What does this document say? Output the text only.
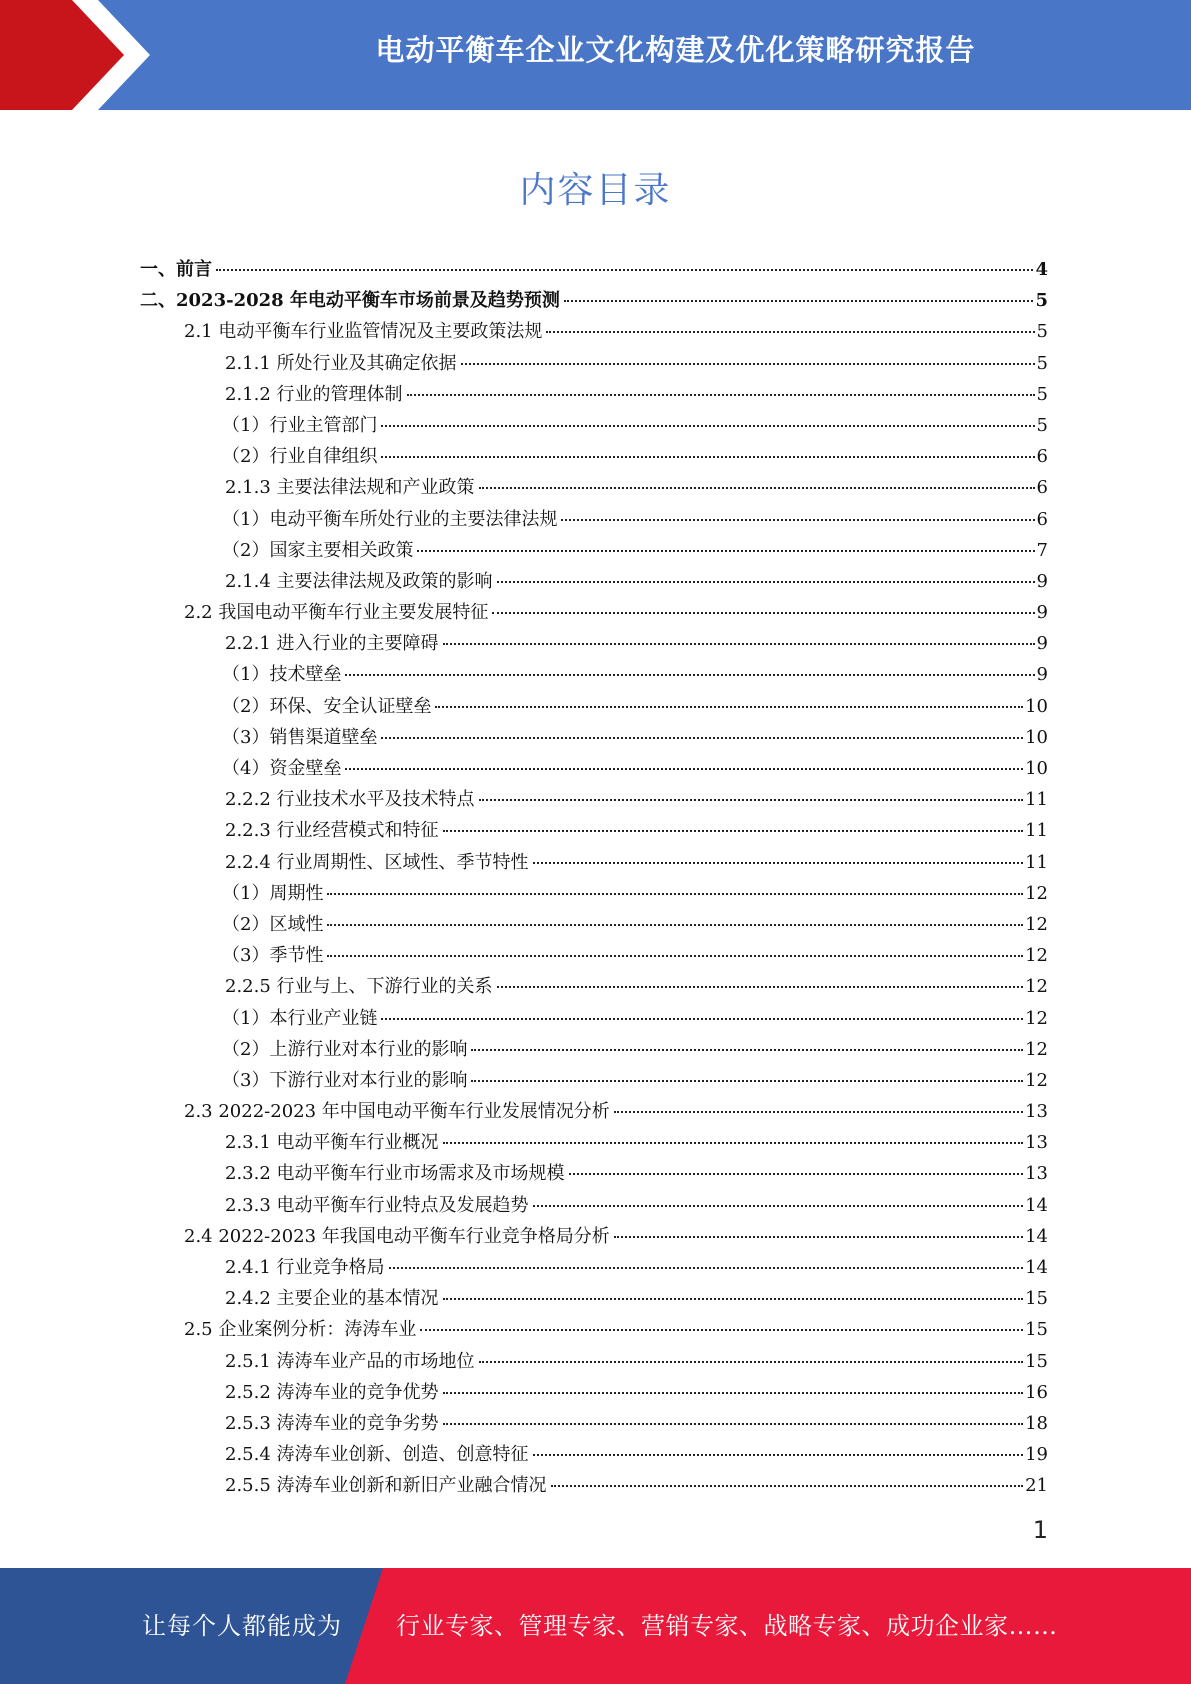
电动平衡车企业文化构建及优化策略研究报告
内容目录
一、前言	4
二、2023-2028 年电动平衡车市场前景及趋势预测	5
2.1 电动平衡车行业监管情况及主要政策法规	5
2.1.1 所处行业及其确定依据	5
2.1.2 行业的管理体制	5
（1）行业主管部门	5
（2）行业自律组织	6
2.1.3 主要法律法规和产业政策	6
（1）电动平衡车所处行业的主要法律法规	6
（2）国家主要相关政策	7
2.1.4 主要法律法规及政策的影响	9
2.2 我国电动平衡车行业主要发展特征	9
2.2.1 进入行业的主要障碍	9
（1）技术壁垒	9
（2）环保、安全认证壁垒	10
（3）销售渠道壁垒	10
（4）资金壁垒	10
2.2.2 行业技术水平及技术特点	11
2.2.3 行业经营模式和特征	11
2.2.4 行业周期性、区域性、季节特性	11
（1）周期性	12
（2）区域性	12
（3）季节性	12
2.2.5 行业与上、下游行业的关系	12
（1）本行业产业链	12
（2）上游行业对本行业的影响	12
（3）下游行业对本行业的影响	12
2.3 2022-2023 年中国电动平衡车行业发展情况分析	13
2.3.1 电动平衡车行业概况	13
2.3.2 电动平衡车行业市场需求及市场规模	13
2.3.3 电动平衡车行业特点及发展趋势	14
2.4 2022-2023 年我国电动平衡车行业竞争格局分析	14
2.4.1 行业竞争格局	14
2.4.2 主要企业的基本情况	15
2.5 企业案例分析：涛涛车业	15
2.5.1 涛涛车业产品的市场地位	15
2.5.2 涛涛车业的竞争优势	16
2.5.3 涛涛车业的竞争劣势	18
2.5.4 涛涛车业创新、创造、创意特征	19
2.5.5 涛涛车业创新和新旧产业融合情况	21
1
让每个人都能成为 行业专家、管理专家、营销专家、战略专家、成功企业家……
